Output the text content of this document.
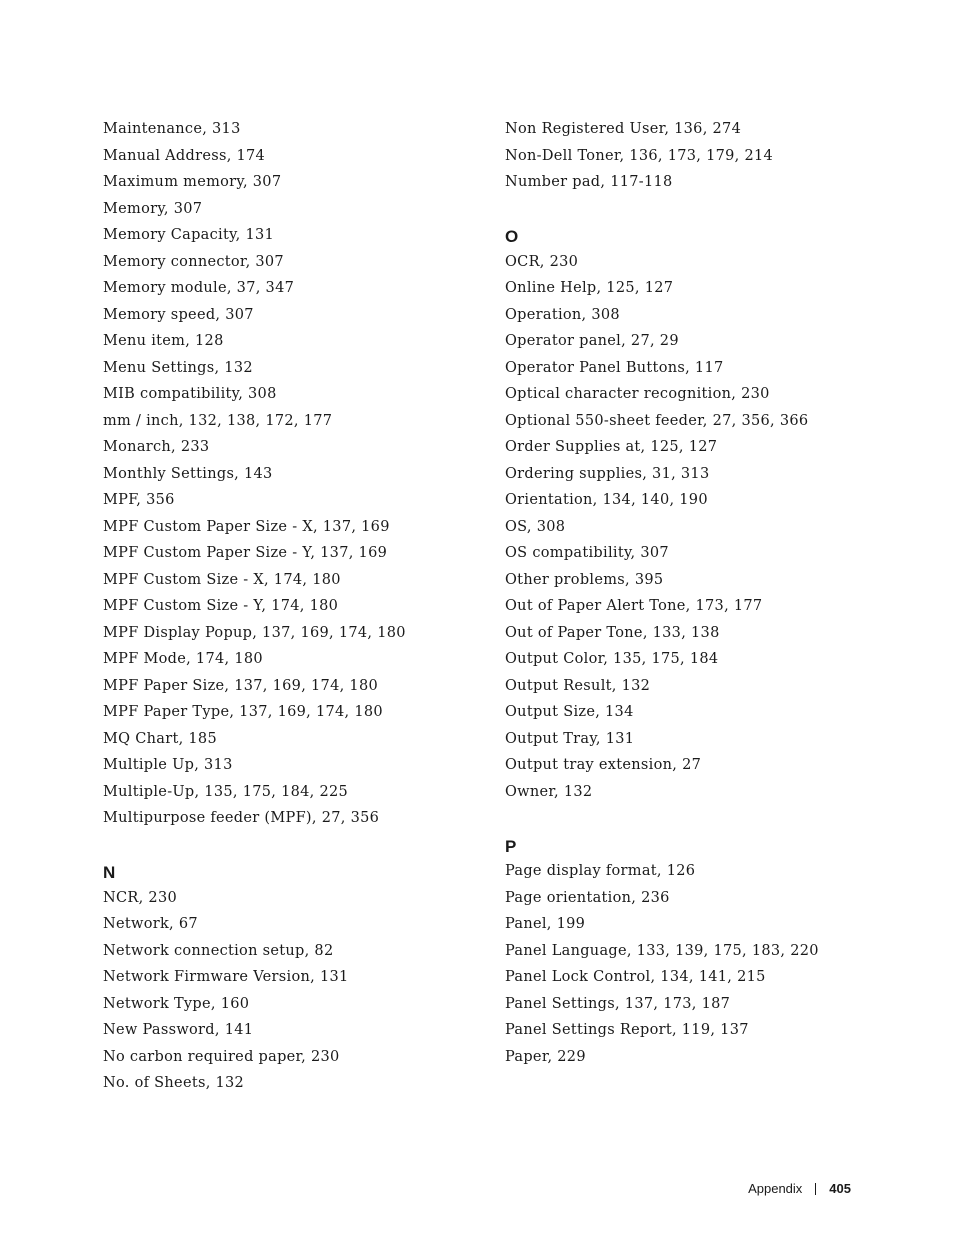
Maintenance, 313
Manual Address, 174
Maximum memory, 307
Memory, 307
Memory Capacity, 131
Memory connector, 307
Memory module, 37, 347
Memory speed, 307
Menu item, 128
Menu Settings, 132
MIB compatibility, 308
mm / inch, 132, 138, 172, 177
Monarch, 233
Monthly Settings, 143
MPF, 356
MPF Custom Paper Size - X, 137, 169
MPF Custom Paper Size - Y, 137, 169
MPF Custom Size - X, 174, 180
MPF Custom Size - Y, 174, 180
MPF Display Popup, 137, 169, 174, 180
MPF Mode, 174, 180
MPF Paper Size, 137, 169, 174, 180
MPF Paper Type, 137, 169, 174, 180
MQ Chart, 185
Multiple Up, 313
Multiple-Up, 135, 175, 184, 225
Multipurpose feeder (MPF), 27, 356
N
NCR, 230
Network, 67
Network connection setup, 82
Network Firmware Version, 131
Network Type, 160
New Password, 141
No carbon required paper, 230
No. of Sheets, 132
Non Registered User, 136, 274
Non-Dell Toner, 136, 173, 179, 214
Number pad, 117-118
O
OCR, 230
Online Help, 125, 127
Operation, 308
Operator panel, 27, 29
Operator Panel Buttons, 117
Optical character recognition, 230
Optional 550-sheet feeder, 27, 356, 366
Order Supplies at, 125, 127
Ordering supplies, 31, 313
Orientation, 134, 140, 190
OS, 308
OS compatibility, 307
Other problems, 395
Out of Paper Alert Tone, 173, 177
Out of Paper Tone, 133, 138
Output Color, 135, 175, 184
Output Result, 132
Output Size, 134
Output Tray, 131
Output tray extension, 27
Owner, 132
P
Page display format, 126
Page orientation, 236
Panel, 199
Panel Language, 133, 139, 175, 183, 220
Panel Lock Control, 134, 141, 215
Panel Settings, 137, 173, 187
Panel Settings Report, 119, 137
Paper, 229
Appendix 405
